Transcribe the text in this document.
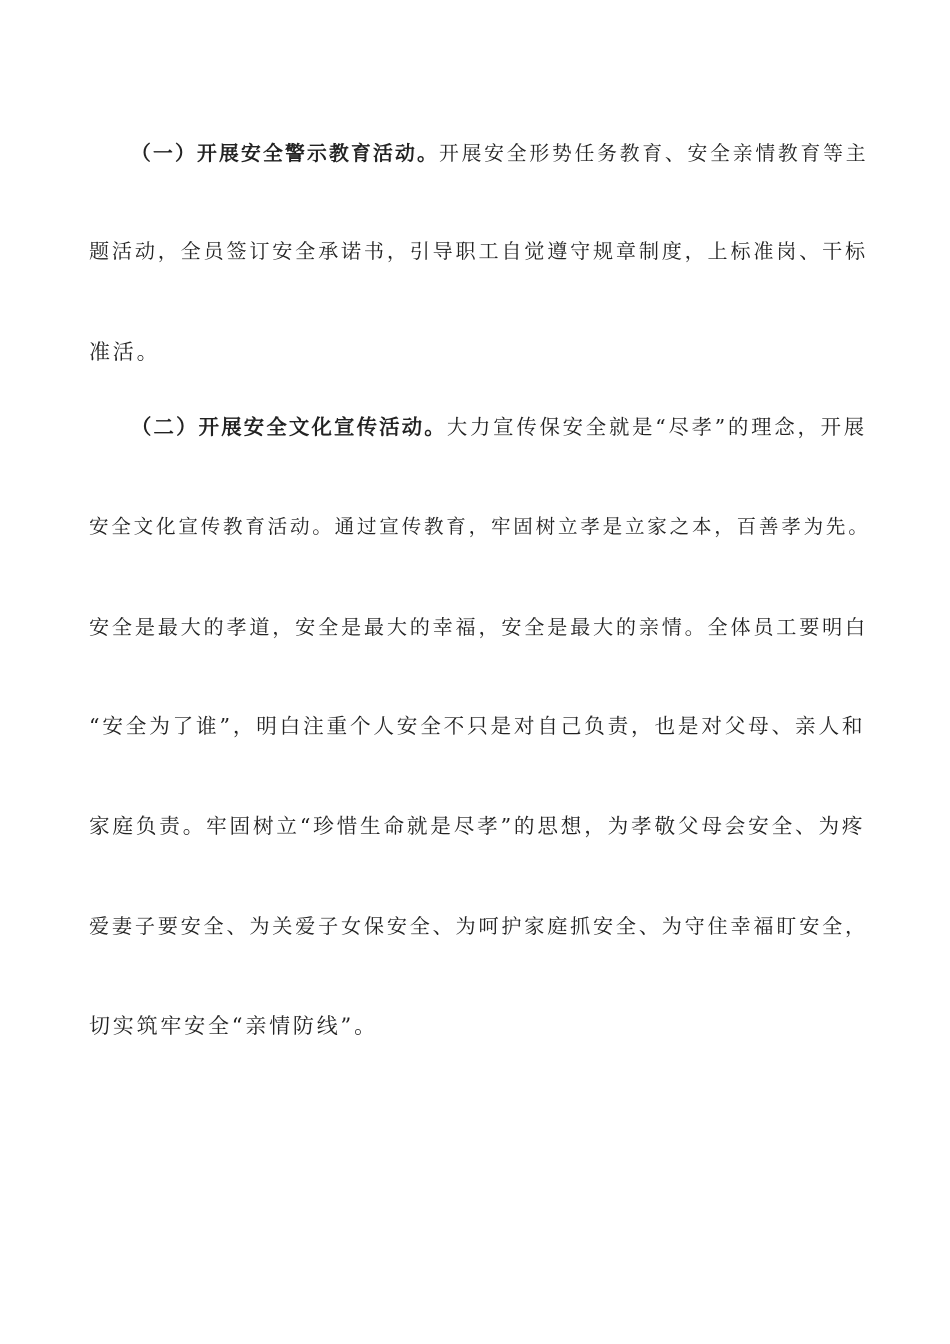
（一）开展安全警示教育活动。开展安全形势任务教育、安全亲情教育等主
题活动，全员签订安全承诺书，引导职工自觉遵守规章制度，上标准岗、干标
准活。
（二）开展安全文化宣传活动。大力宣传保安全就是“尽孝”的理念，开展
安全文化宣传教育活动。通过宣传教育，牢固树立孝是立家之本，百善孝为先。
安全是最大的孝道，安全是最大的幸福，安全是最大的亲情。全体员工要明白
“安全为了谁”，明白注重个人安全不只是对自己负责，也是对父母、亲人和
家庭负责。牢固树立“珍惜生命就是尽孝”的思想，为孝敬父母会安全、为疼
爱妻子要安全、为关爱子女保安全、为呵护家庭抓安全、为守住幸福盯安全，
切实筑牢安全“亲情防线”。
